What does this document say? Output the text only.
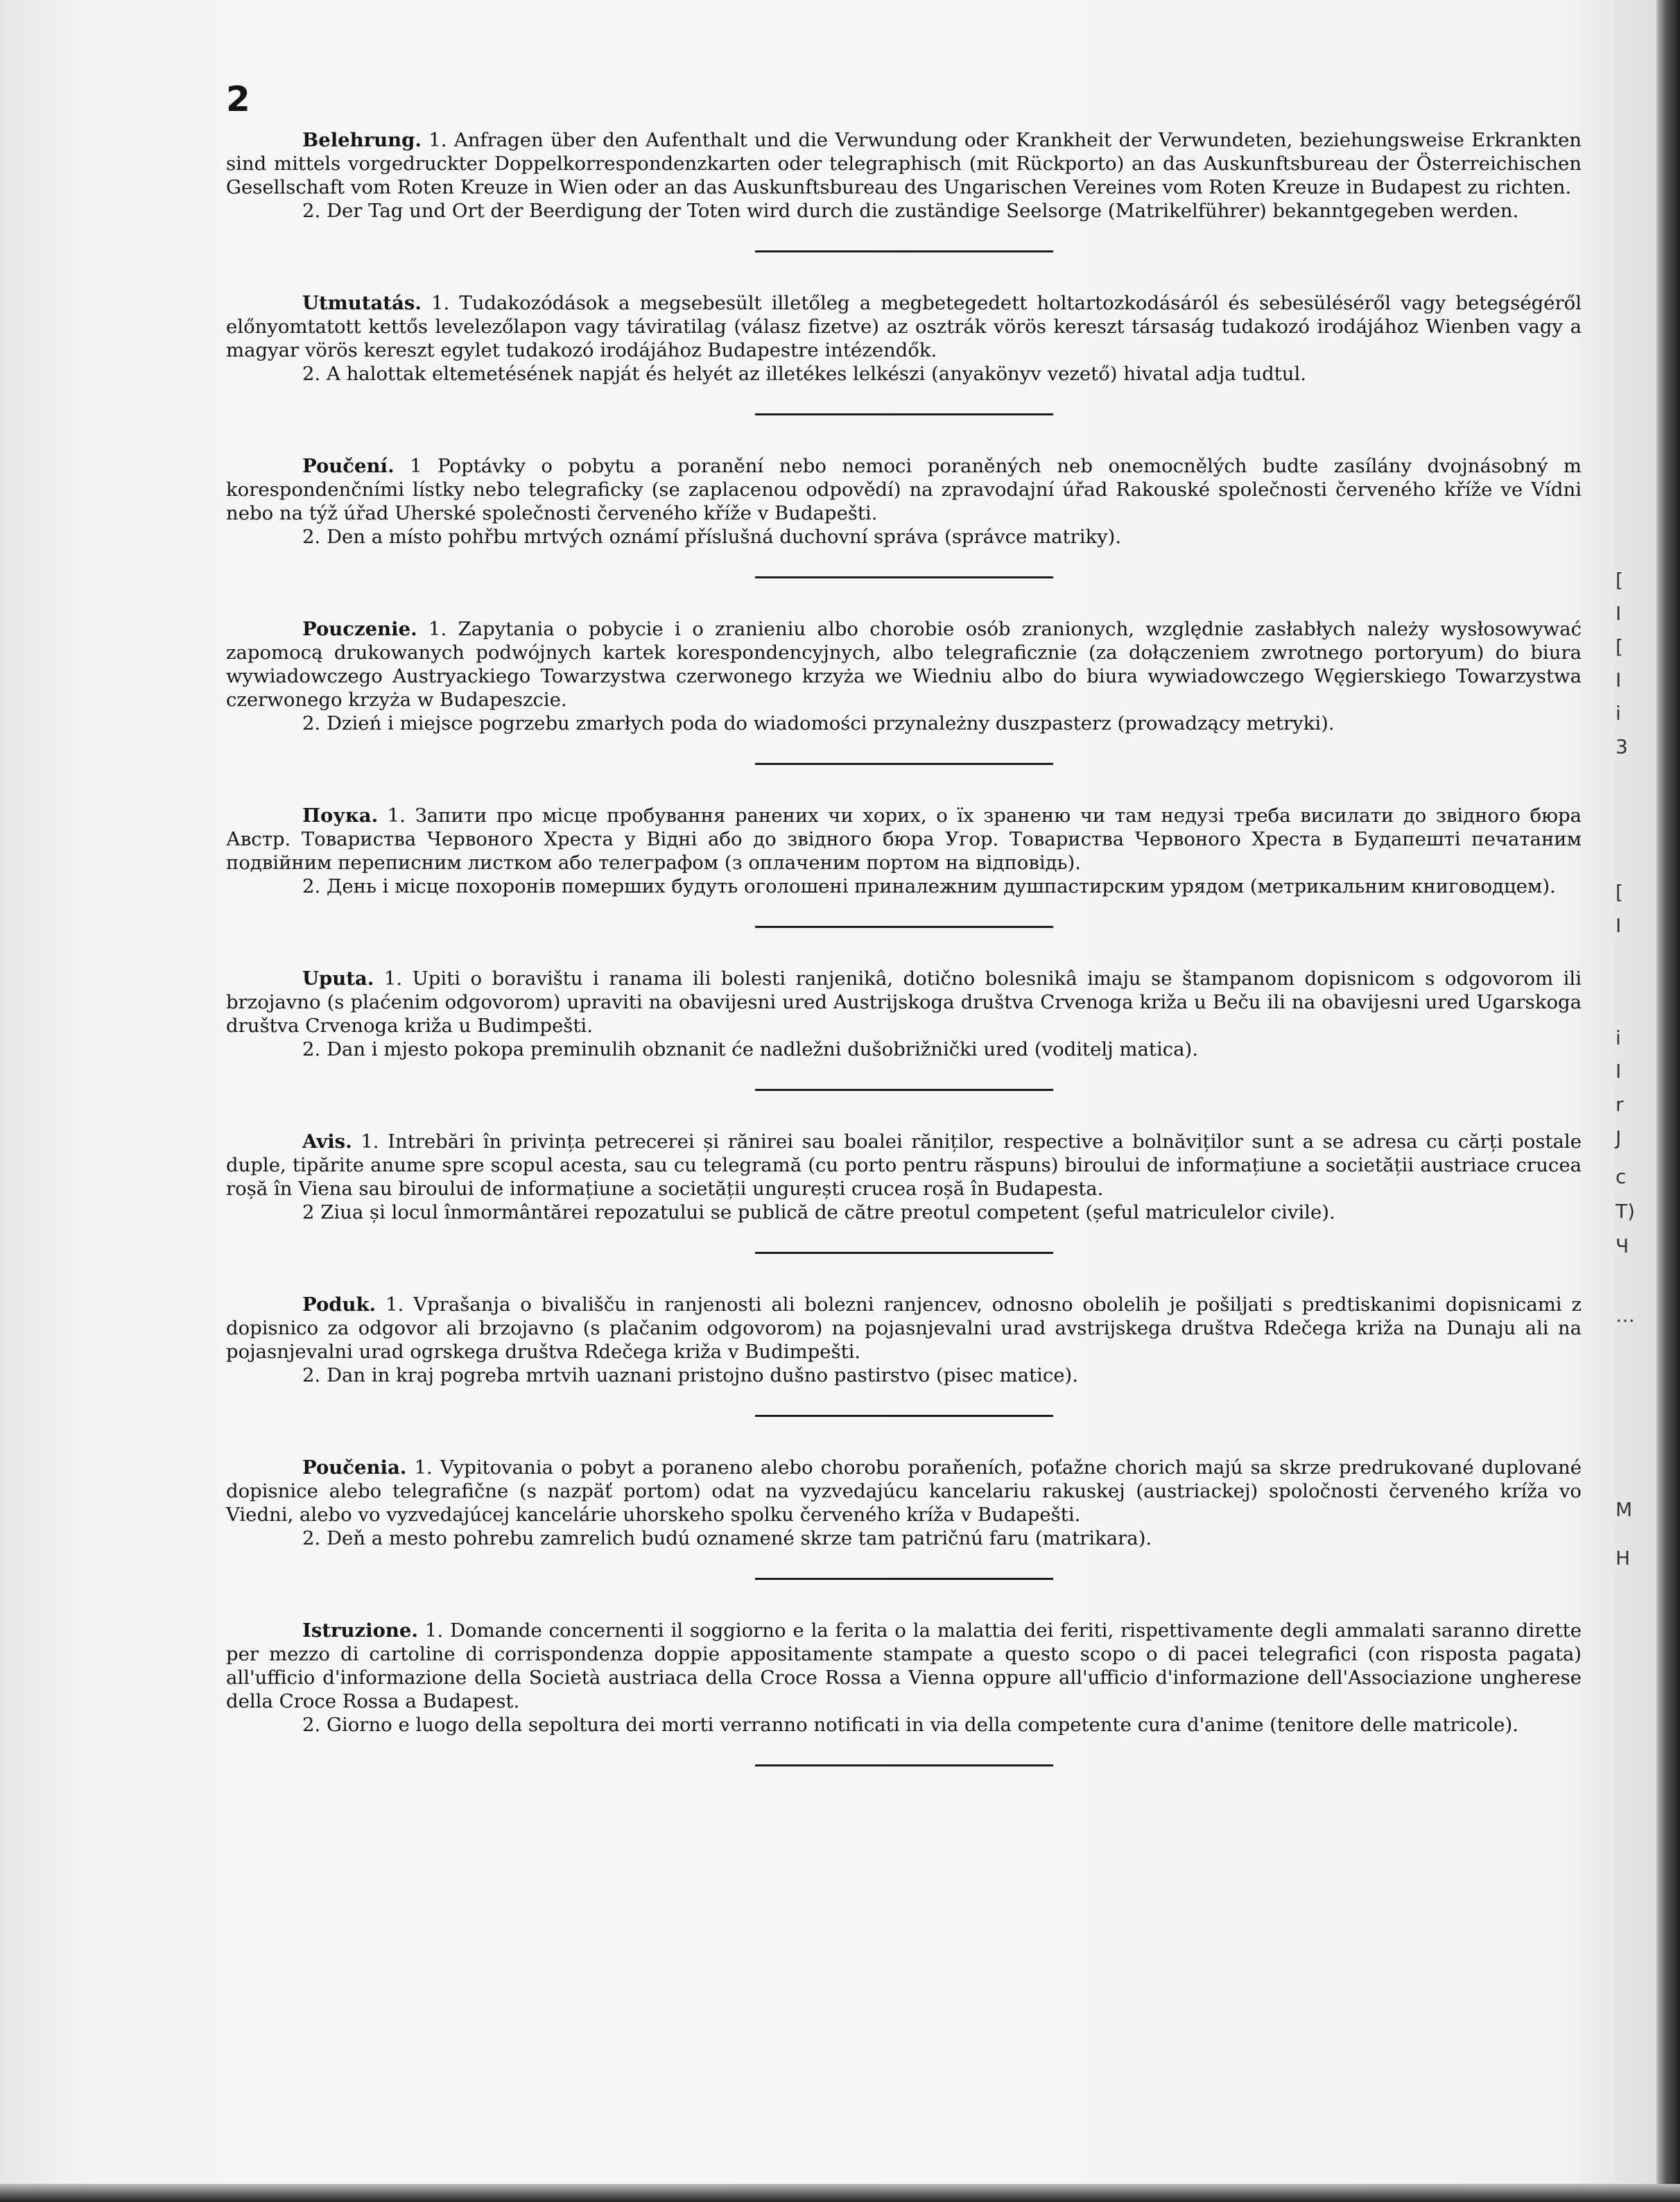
2

Belehrung. 1. Anfragen über den Aufenthalt und die Verwundung oder Krankheit der Verwundeten, beziehungsweise Erkrankten sind mittels vorgedruckter Doppelkorrespondenzkarten oder telegraphisch (mit Rückporto) an das Auskunftsbureau der Österreichischen Gesellschaft vom Roten Kreuze in Wien oder an das Auskunftsbureau des Ungarischen Vereines vom Roten Kreuze in Budapest zu richten.

2. Der Tag und Ort der Beerdigung der Toten wird durch die zuständige Seelsorge (Matrikelführer) bekanntgegeben werden.

Utmutatás. 1. Tudakozódások a megsebesült illetőleg a megbetegedett holtartozkodásáról és sebesüléséről vagy betegségéről előnyomtatott kettős levelezőlapon vagy táviratilag (válasz fizetve) az osztrák vörös kereszt társaság tudakozó irodájához Wienben vagy a magyar vörös kereszt egylet tudakozó irodájához Budapestre intézendők.

2. A halottak eltemetésének napját és helyét az illetékes lelkészi (anyakönyv vezető) hivatal adja tudtul.

Poučení. 1 Poptávky o pobytu a poranění nebo nemoci poraněných neb onemocnělých budte zasílány dvojnásobný m korespondenčními lístky nebo telegraficky (se zaplacenou odpovědí) na zpravodajní úřad Rakouské společnosti červeného kříže ve Vídni nebo na týž úřad Uherské společnosti červeného kříže v Budapešti.

2. Den a místo pohřbu mrtvých oznámí příslušná duchovní správa (správce matriky).

Pouczenie. 1. Zapytania o pobycie i o zranieniu albo chorobie osób zranionych, względnie zasłabłych należy wysłosowywać zapomocą drukowanych podwójnych kartek korespondencyjnych, albo telegraficznie (za dołączeniem zwrotnego portoryum) do biura wywiadowczego Austryackiego Towarzystwa czerwonego krzyża we Wiedniu albo do biura wywiadowczego Węgierskiego Towarzystwa czerwonego krzyża w Budapeszcie.

2. Dzień i miejsce pogrzebu zmarłych poda do wiadomości przynależny duszpasterz (prowadzący metryki).

Поука. 1. Запити про місце пробування ранених чи хорих, о їх зраненю чи там недузі треба висилати до звідного бюра Австр. Товариства Червоного Хреста у Відні або до звідного бюра Угор. Товариства Червоного Хреста в Будапешті печатаним подвійним переписним листком або телеграфом (з оплаченим портом на відповідь).

2. День і місце похоронів померших будуть оголошені приналежним душпастирским урядом (метрикальним книговодцем).

Uputa. 1. Upiti o boravištu i ranama ili bolesti ranjenikâ, dotično bolesnikâ imaju se štampanom dopisnicom s odgovorom ili brzojavno (s plaćenim odgovorom) upraviti na obavijesni ured Austrijskoga društva Crvenoga križa u Beču ili na obavijesni ured Ugarskoga društva Crvenoga križa u Budimpešti.

2. Dan i mjesto pokopa preminulih obznanit će nadležni dušobrižnički ured (voditelj matica).

Avis. 1. Intrebări în privința petrecerei și rănirei sau boalei răniților, respective a bolnăviților sunt a se adresa cu cărți postale duple, tipărite anume spre scopul acesta, sau cu telegramă (cu porto pentru răspuns) biroului de informațiune a societății austriace crucea roșă în Viena sau biroului de informațiune a societății ungurești crucea roșă în Budapesta.

2 Ziua și locul înmormântărei repozatului se publică de către preotul competent (șeful matriculelor civile).

Poduk. 1. Vprašanja o bivališču in ranjenosti ali bolezni ranjencev, odnosno obolelih je pošiljati s predtiskanimi dopisnicami z dopisnico za odgovor ali brzojavno (s plačanim odgovorom) na pojasnjevalni urad avstrijskega društva Rdečega križa na Dunaju ali na pojasnjevalni urad ogrskega društva Rdečega križa v Budimpešti.

2. Dan in kraj pogreba mrtvih uaznani pristojno dušno pastirstvo (pisec matice).

Poučenia. 1. Vypitovania o pobyt a poranenо alebo chorobu poraňeních, poťažne chorich majú sa skrze predrukované duplované dopisnice alebo telegrafične (s nazpäť portom) odat na vyzvedajúcu kancelariu rakuskej (austriackej) spoločnosti červeného kríža vo Viedni, alebo vo vyzvedajúcej kancelárie uhorskeho spolku červeného kríža v Budapešti.

2. Deň a mesto pohrebu zamrelich budú oznamené skrze tam patričnú faru (matrikara).

Istruzione. 1. Domande concernenti il soggiorno e la ferita o la malattia dei feriti, rispettivamente degli ammalati saranno dirette per mezzo di cartoline di corrispondenza doppie appositamente stampate a questo scopo o di pacei telegrafici (con risposta pagata) all'ufficio d'informazione della Società austriaca della Croce Rossa a Vienna oppure all'ufficio d'informazione dell'Associazione ungherese della Croce Rossa a Budapest.

2. Giorno e luogo della sepoltura dei morti verranno notificati in via della competente cura d'anime (tenitore delle matricole).

[
I
[
I
i
3
[
I
i
I
r
J
c
T)
Ч
…
M
H
